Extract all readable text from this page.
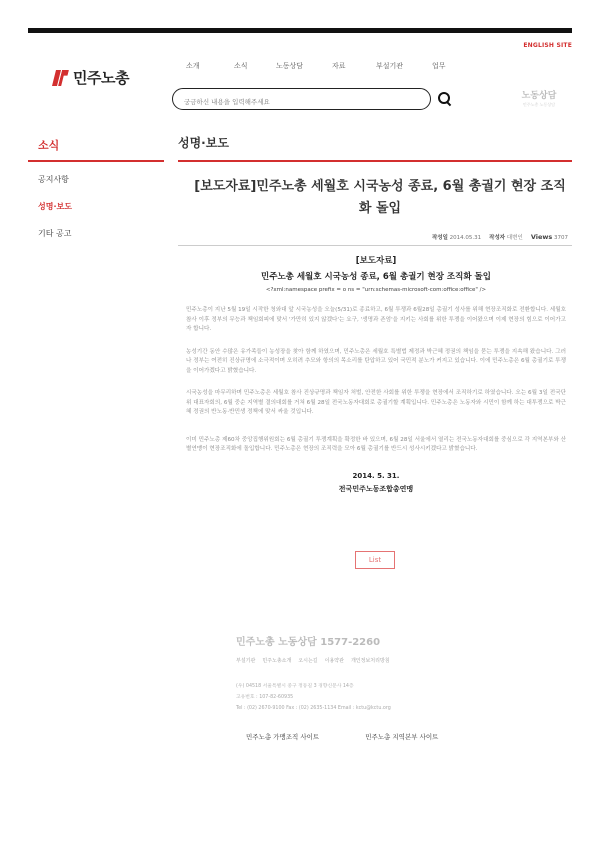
ENGLISH SITE
민주노총
소개	소식	노동상담	자료	부설기관	업무
궁금하신 내용을 입력해주세요
노동상담
민주노총 노동상담
소식
공지사항
성명·보도
기타 공고
성명·보도
[보도자료]민주노총 세월호 시국농성 종료, 6월 총궐기 현장 조직화 돌입
작성일 2014.05.31 작성자 대변인 Views 3707
[보도자료]
민주노총 세월호 시국농성 종료, 6월 총궐기 현장 조직화 돌입
<?xml:namespace prefix = o ns = "urn:schemas-microsoft-com:office:office" />

민주노총이 지난 5월 19일 시작한 청와대 앞 시국농성을 오늘(5/31)로 종료하고, 6월 투쟁과 6월28일 총궐기 성사를 위해 현장조직화로 전환합니다. 세월호참사 이후 정부의 무능과 책임회피에 맞서 '가만히 있지 않겠다'는 요구, '생명과 존엄'을 지키는 사회를 위한 투쟁을 이어왔으며 이제 현장의 힘으로 이어가고자 합니다.

농성기간 동안 수많은 유가족들이 농성장을 찾아 함께 하였으며, 민주노총은 세월호 특별법 제정과 박근혜 정권의 책임을 묻는 투쟁을 지속해 왔습니다. 그러나 정부는 여전히 진상규명에 소극적이며 오히려 추모와 항의의 목소리를 탄압하고 있어 국민적 분노가 커지고 있습니다. 이에 민주노총은 6월 총궐기로 투쟁을 이어가겠다고 밝혔습니다.

시국농성을 마무리하며 민주노총은 세월호 참사 진상규명과 책임자 처벌, 안전한 사회를 위한 투쟁을 현장에서 조직하기로 하였습니다. 오는 6월 3일 전국단위 대표자회의, 6월 중순 지역별 결의대회를 거쳐 6월 28일 전국노동자대회로 총궐기할 계획입니다. 민주노총은 노동자와 시민이 함께 하는 대투쟁으로 박근혜 정권의 반노동·반민생 정책에 맞서 싸울 것입니다.

이미 민주노총 제60차 중앙집행위원회는 6월 총궐기 투쟁계획을 확정한 바 있으며, 6월 28일 서울에서 열리는 전국노동자대회를 중심으로 각 지역본부와 산별연맹이 현장조직화에 돌입합니다. 민주노총은 현장의 조직력을 모아 6월 총궐기를 반드시 성사시키겠다고 밝혔습니다.

2014. 5. 31.
전국민주노동조합총연맹
List
민주노총 노동상담 1577-2260
부설기관 민주노총소개 오시는길 이용약관 개인정보처리방침
(우) 04518 서울특별시 중구 정동길 3 경향신문사 14층
고유번호 : 107-82-60935
Tel : (02) 2670-9100 Fax : (02) 2635-1134 Email : kctu@kctu.org
민주노총 가맹조직 사이트	민주노총 지역본부 사이트
